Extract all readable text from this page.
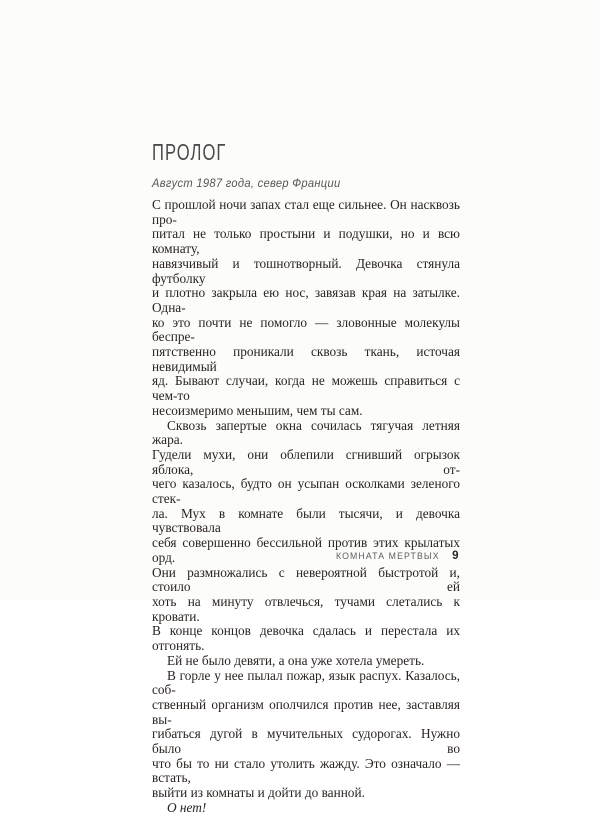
ПРОЛОГ
Август 1987 года, север Франции
С прошлой ночи запах стал еще сильнее. Он насквозь про-
питал не только простыни и подушки, но и всю комнату,
навязчивый и тошнотворный. Девочка стянула футболку
и плотно закрыла ею нос, завязав края на затылке. Одна-
ко это почти не помогло — зловонные молекулы беспре-
пятственно проникали сквозь ткань, источая невидимый
яд. Бывают случаи, когда не можешь справиться с чем-то
несоизмеримо меньшим, чем ты сам.
Сквозь запертые окна сочилась тягучая летняя жара.
Гудели мухи, они облепили сгнивший огрызок яблока, от-
чего казалось, будто он усыпан осколками зеленого стек-
ла. Мух в комнате были тысячи, и девочка чувствовала
себя совершенно бессильной против этих крылатых орд.
Они размножались с невероятной быстротой и, стоило ей
хоть на минуту отвлечься, тучами слетались к кровати.
В конце концов девочка сдалась и перестала их отгонять.
Ей не было девяти, а она уже хотела умереть.
В горле у нее пылал пожар, язык распух. Казалось, соб-
ственный организм ополчился против нее, заставляя вы-
гибаться дугой в мучительных судорогах. Нужно было во
что бы то ни стало утолить жажду. Это означало — встать,
выйти из комнаты и дойти до ванной.
О нет!
КОМНАТА МЕРТВЫХ 9
